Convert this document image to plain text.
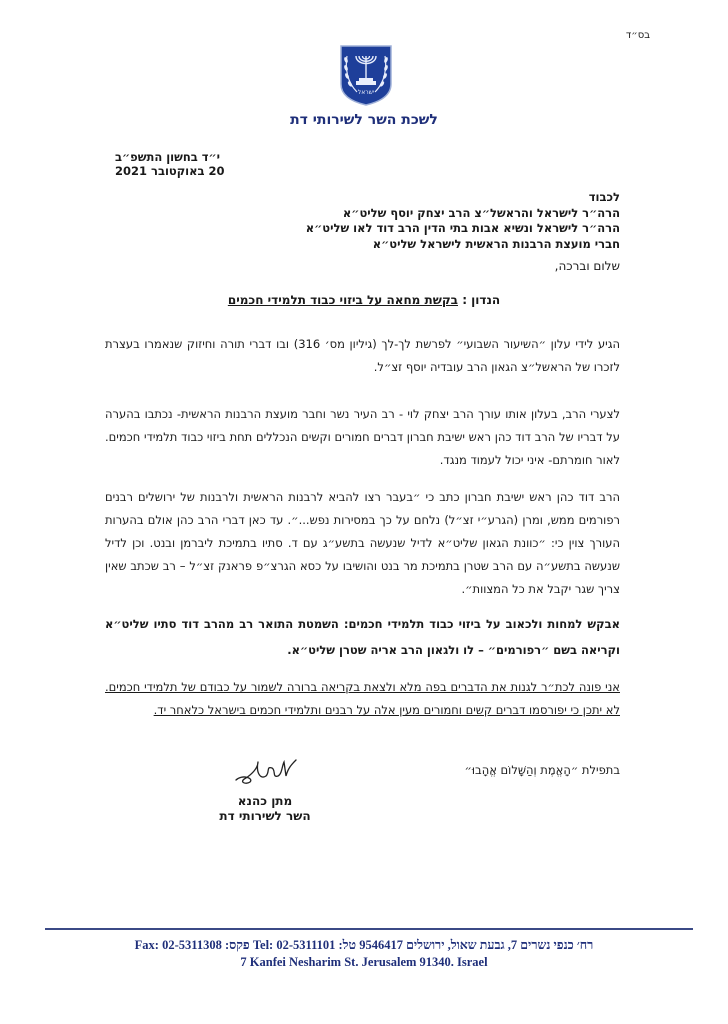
בס״ד
ישראל
לשכת השר לשירותי דת
י״ד בחשון התשפ״ב
20 באוקטובר 2021
לכבוד
הרה״ר לישראל והראשל״צ הרב יצחק יוסף שליט״א
הרה״ר לישראל ונשיא אבות בתי הדין הרב דוד לאו שליט״א
חברי מועצת הרבנות הראשית לישראל שליט״א
שלום וברכה,
הנדון : בקשת מחאה על ביזוי כבוד תלמידי חכמים
הגיע לידי עלון ״השיעור השבועי״ לפרשת לך-לך (גיליון מס׳ 316) ובו דברי תורה וחיזוק שנאמרו בעצרת לזכרו של הראשל״צ הגאון הרב עובדיה יוסף זצ״ל.
לצערי הרב, בעלון אותו עורך הרב יצחק לוי - רב העיר נשר וחבר מועצת הרבנות הראשית- נכתבו בהערה על דבריו של הרב דוד כהן ראש ישיבת חברון דברים חמורים וקשים הנכללים תחת ביזוי כבוד תלמידי חכמים. לאור חומרתם- איני יכול לעמוד מנגד.
הרב דוד כהן ראש ישיבת חברון כתב כי ״בעבר רצו להביא לרבנות הראשית ולרבנות של ירושלים רבנים רפורמים ממש, ומרן (הגרע״י זצ״ל) נלחם על כך במסירות נפש...״. עד כאן דברי הרב כהן אולם בהערות העורך צוין כי: ״כוונת הגאון שליט״א לדיל שנעשה בתשע״ג עם ד. סתיו בתמיכת ליברמן ובנט. וכן לדיל שנעשה בתשע״ה עם הרב שטרן בתמיכת מר בנט והושיבו על כסא הגרצ״פ פראנק זצ״ל – רב שכתב שאין צריך שגר יקבל את כל המצוות״.
אבקש למחות ולכאוב על ביזוי כבוד תלמידי חכמים: השמטת התואר רב מהרב דוד סתיו שליט״א וקריאה בשם ״רפורמים״ – לו ולגאון הרב אריה שטרן שליט״א.
אני פונה לכת״ר לגנות את הדברים בפה מלא ולצאת בקריאה ברורה לשמור על כבודם של תלמידי חכמים. לא יתכן כי יפורסמו דברים קשים וחמורים מעין אלה על רבנים ותלמידי חכמים בישראל כלאחר יד.
בתפילת ״הָאֱמֶת וְהַשָּׁלוֹם אֱהָבוּ״
מתן כהנא
השר לשירותי דת
רח׳ כנפי נשרים 7, גבעת שאול, ירושלים 9546417 טל: Tel: 02-5311101 פקס: Fax: 02-5311308
7 Kanfei Nesharim St. Jerusalem 91340. Israel
